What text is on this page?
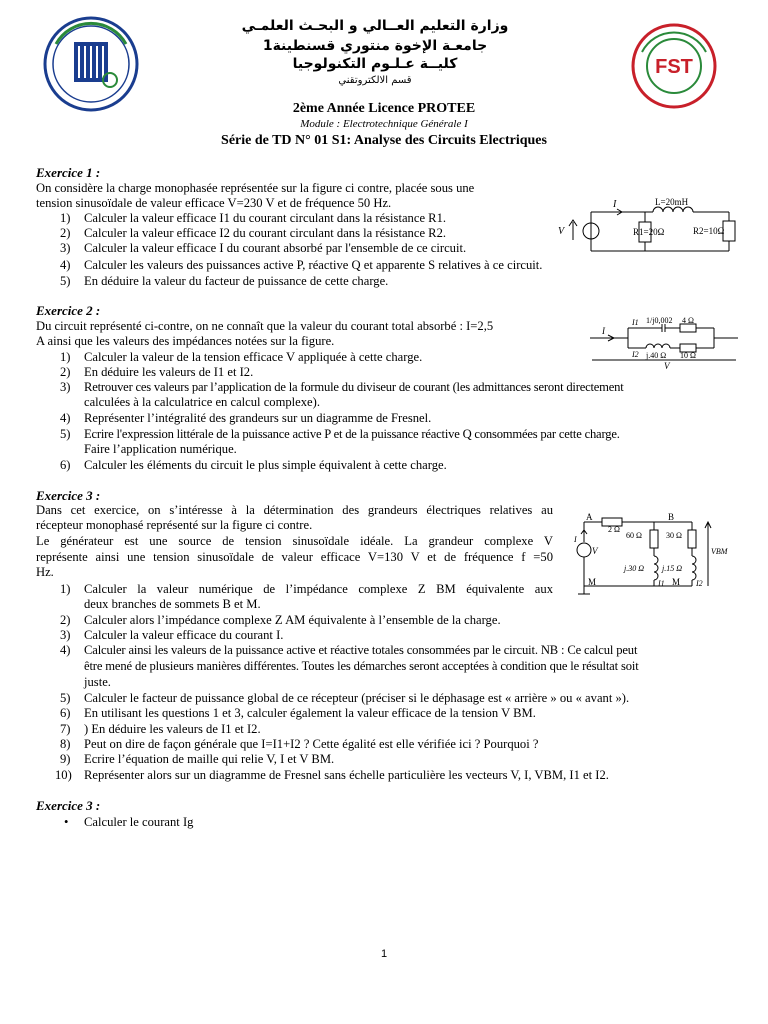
وزارة التعليم العــالي و البحـث العلمـي
جامعـة الإخوة منتوري قسنطينة1
كليــة عـلـوم التكنولوجيا
قسم الالكتروتقني
FST
2ème Année Licence PROTEE
Module : Electrotechnique Générale I
Série de TD N° 01 S1: Analyse des Circuits Electriques
Exercice 1 :
On considère la charge monophasée représentée sur la figure ci contre, placée sous une
tension sinusoïdale de valeur efficace V=230 V et de fréquence 50 Hz.
1) Calculer la valeur efficace I1 du courant circulant dans la résistance R1.
2) Calculer la valeur efficace I2 du courant circulant dans la résistance R2.
3) Calculer la valeur efficace I du courant absorbé par l'ensemble de ce circuit.
4) Calculer les valeurs des puissances active P, réactive Q et apparente S relatives à ce circuit.
5) En déduire la valeur du facteur de puissance de cette charge.
I
V
L=20mH
R1=20Ω	R2=10Ω
Exercice 2 :
Du circuit représenté ci-contre, on ne connaît que la valeur du courant total absorbé : I=2,5
A ainsi que les valeurs des impédances notées sur la figure.
1) Calculer la valeur de la tension efficace V appliquée à cette charge.
2) En déduire les valeurs de I1 et I2.
3) Retrouver ces valeurs par l’application de la formule du diviseur de courant (les admittances seront directement
calculées à la calculatrice en calcul complexe).
4) Représenter l’intégralité des grandeurs sur un diagramme de Fresnel.
5) Ecrire l'expression littérale de la puissance active P et de la puissance réactive Q consommées par cette charge.
Faire l’application numérique.
6) Calculer les éléments du circuit le plus simple équivalent à cette charge.
I
I1
I2
1/j0,002 4 Ω
j.40 Ω 10 Ω
V
Exercice 3 :
Dans cet exercice, on s’intéresse à la détermination des grandeurs électriques relatives au
récepteur monophasé représenté sur la figure ci contre.
Le générateur est une source de tension sinusoïdale idéale. La grandeur complexe V
représente ainsi une tension sinusoïdale de valeur efficace V=130 V et de fréquence f =50
Hz.
1) Calculer la valeur numérique de l’impédance complexe Z BM équivalente aux
deux branches de sommets B et M.
2) Calculer alors l’impédance complexe Z AM équivalente à l’ensemble de la charge.
3) Calculer la valeur efficace du courant I.
4) Calculer ainsi les valeurs de la puissance active et réactive totales consommées par le circuit. NB : Ce calcul peut
être mené de plusieurs manières différentes. Toutes les démarches seront acceptées à condition que le résultat soit
juste.
5) Calculer le facteur de puissance global de ce récepteur (préciser si le déphasage est « arrière » ou « avant »).
6) En utilisant les questions 1 et 3, calculer également la valeur efficace de la tension V BM.
7) ) En déduire les valeurs de I1 et I2.
8) Peut on dire de façon générale que I=I1+I2 ? Cette égalité est elle vérifiée ici ? Pourquoi ?
9) Ecrire l’équation de maille qui relie V, I et V BM.
10) Représenter alors sur un diagramme de Fresnel sans échelle particulière les vecteurs V, I, VBM, I1 et I2.
A	B
M	M
2 Ω
60 Ω	30 Ω
j.30 Ω j.15 Ω
V
I
I1	I2
VBM
Exercice 3 :
• Calculer le courant Ig
1
